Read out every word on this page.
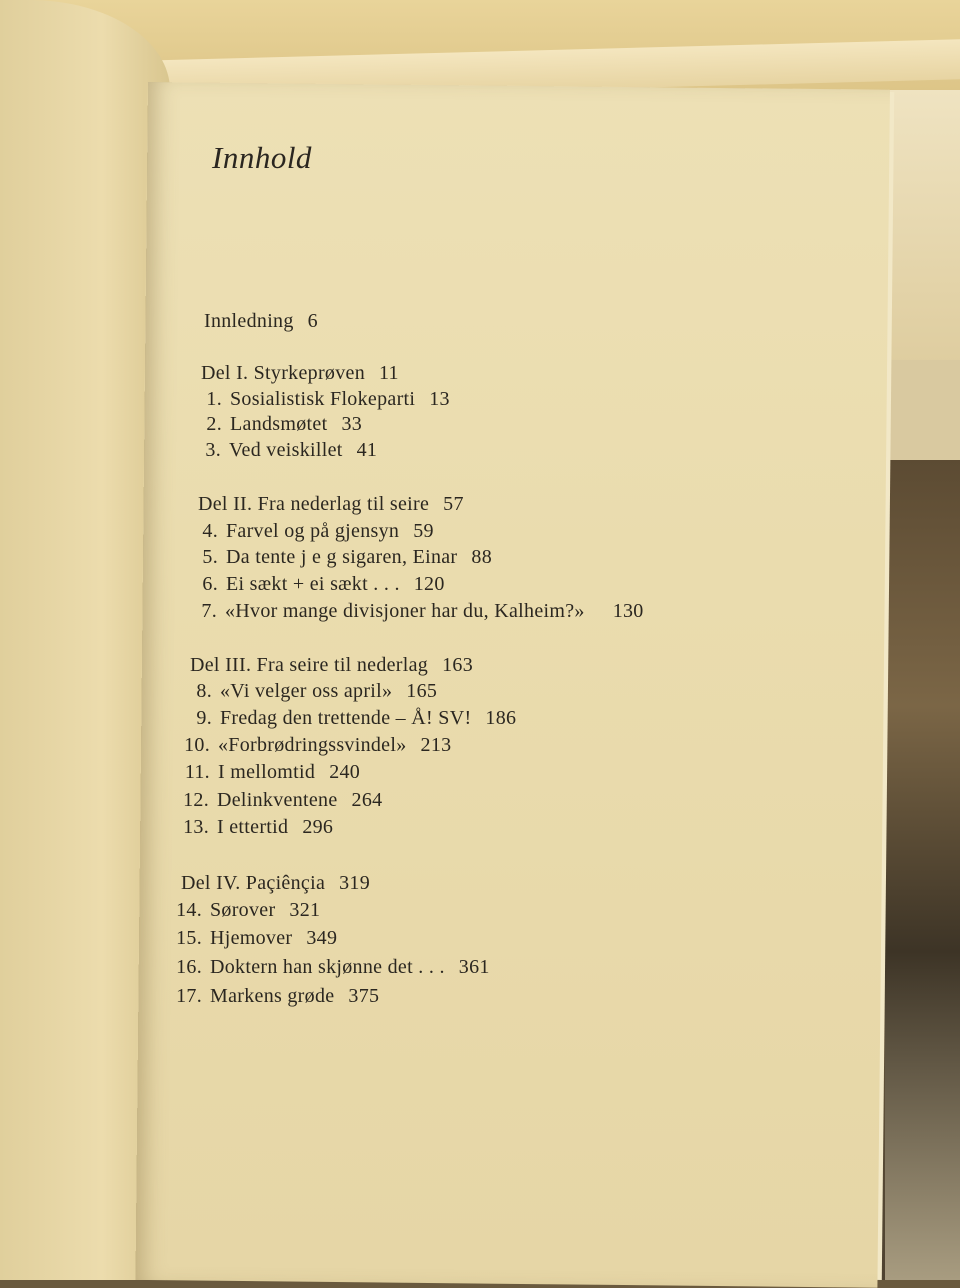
Innhold
Innledning 6
Del I. Styrkeprøven 11
1. Sosialistisk Flokeparti 13
2. Landsmøtet 33
3. Ved veiskillet 41
Del II. Fra nederlag til seire 57
4. Farvel og på gjensyn 59
5. Da tente j e g sigaren, Einar 88
6. Ei sækt + ei sækt . . . 120
7. «Hvor mange divisjoner har du, Kalheim?» 130
Del III. Fra seire til nederlag 163
8. «Vi velger oss april» 165
9. Fredag den trettende – Å! SV! 186
10. «Forbrødringssvindel» 213
11. I mellomtid 240
12. Delinkventene 264
13. I ettertid 296
Del IV. Paçiênçia 319
14. Sørover 321
15. Hjemover 349
16. Doktern han skjønne det . . . 361
17. Markens grøde 375
